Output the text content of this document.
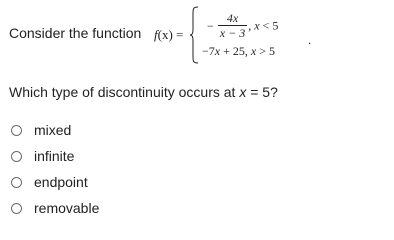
Consider the function f(x) =
− $\frac{4x}{x - 3}$ , x < 5
−7x + 25, x > 5
.
Which type of discontinuity occurs at x = 5?
mixed
infinite
endpoint
removable
